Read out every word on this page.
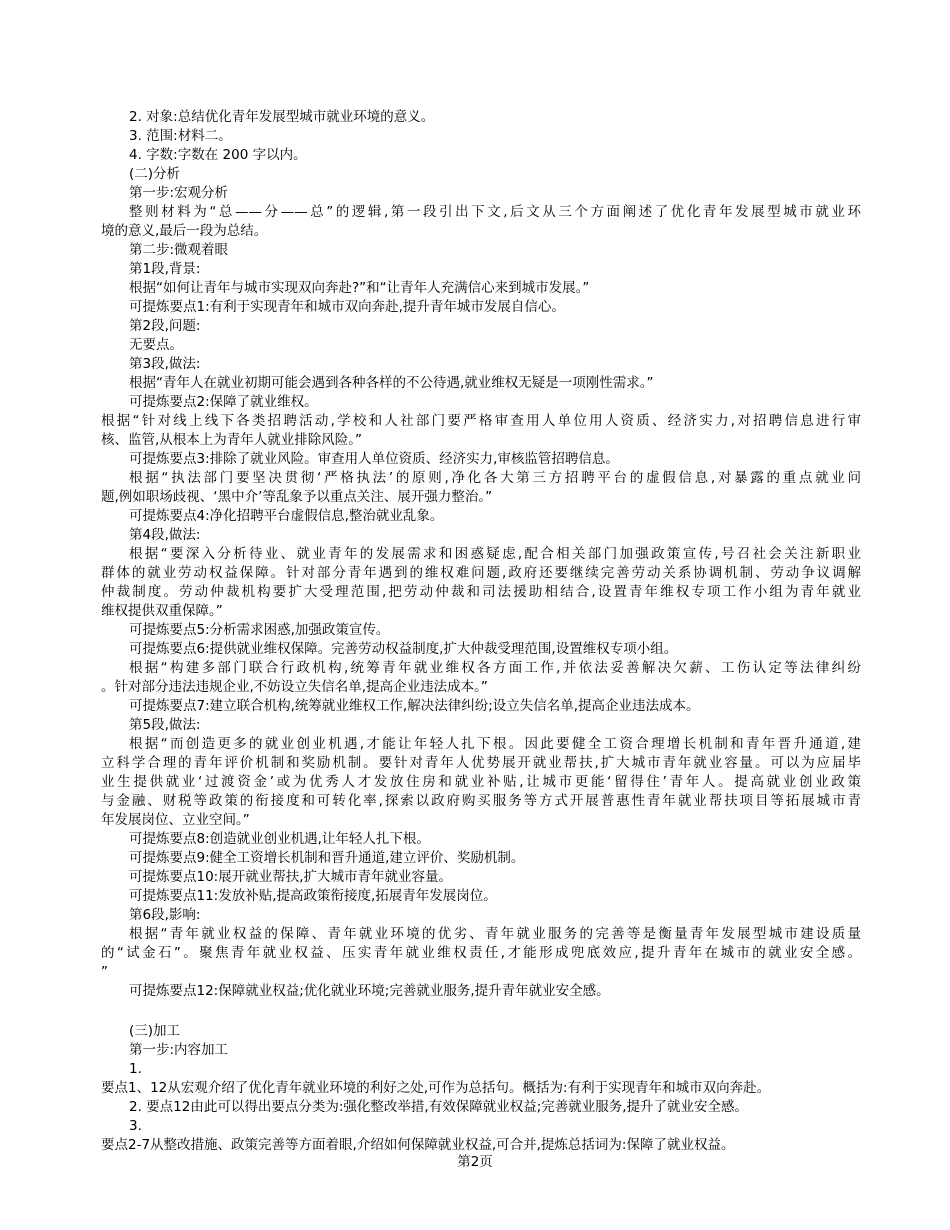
2. 对象:总结优化青年发展型城市就业环境的意义。
3. 范围:材料二。
4. 字数:字数在 200 字以内。
(二)分析
第一步:宏观分析
整则材料为“总——分——总”的逻辑,第一段引出下文,后文从三个方面阐述了优化青年发展型城市就业环
境的意义,最后一段为总结。
第二步:微观着眼
第1段,背景:
根据“如何让青年与城市实现双向奔赴?”和“让青年人充满信心来到城市发展。”
可提炼要点1:有利于实现青年和城市双向奔赴,提升青年城市发展自信心。
第2段,问题:
无要点。
第3段,做法:
根据“青年人在就业初期可能会遇到各种各样的不公待遇,就业维权无疑是一项刚性需求。”
可提炼要点2:保障了就业维权。
根据“针对线上线下各类招聘活动,学校和人社部门要严格审查用人单位用人资质、经济实力,对招聘信息进行审
核、监管,从根本上为青年人就业排除风险。”
可提炼要点3:排除了就业风险。审查用人单位资质、经济实力,审核监管招聘信息。
根据“执法部门要坚决贯彻‘严格执法’的原则,净化各大第三方招聘平台的虚假信息,对暴露的重点就业问
题,例如职场歧视、‘黑中介’等乱象予以重点关注、展开强力整治。”
可提炼要点4:净化招聘平台虚假信息,整治就业乱象。
第4段,做法:
根据“要深入分析待业、就业青年的发展需求和困惑疑虑,配合相关部门加强政策宣传,号召社会关注新职业
群体的就业劳动权益保障。针对部分青年遇到的维权难问题,政府还要继续完善劳动关系协调机制、劳动争议调解
仲裁制度。劳动仲裁机构要扩大受理范围,把劳动仲裁和司法援助相结合,设置青年维权专项工作小组为青年就业
维权提供双重保障。”
可提炼要点5:分析需求困惑,加强政策宣传。
可提炼要点6:提供就业维权保障。完善劳动权益制度,扩大仲裁受理范围,设置维权专项小组。
根据“构建多部门联合行政机构,统筹青年就业维权各方面工作,并依法妥善解决欠薪、工伤认定等法律纠纷
。针对部分违法违规企业,不妨设立失信名单,提高企业违法成本。”
可提炼要点7:建立联合机构,统筹就业维权工作,解决法律纠纷;设立失信名单,提高企业违法成本。
第5段,做法:
根据“而创造更多的就业创业机遇,才能让年轻人扎下根。因此要健全工资合理增长机制和青年晋升通道,建
立科学合理的青年评价机制和奖励机制。要针对青年人优势展开就业帮扶,扩大城市青年就业容量。可以为应届毕
业生提供就业‘过渡资金’或为优秀人才发放住房和就业补贴,让城市更能‘留得住’青年人。提高就业创业政策
与金融、财税等政策的衔接度和可转化率,探索以政府购买服务等方式开展普惠性青年就业帮扶项目等拓展城市青
年发展岗位、立业空间。”
可提炼要点8:创造就业创业机遇,让年轻人扎下根。
可提炼要点9:健全工资增长机制和晋升通道,建立评价、奖励机制。
可提炼要点10:展开就业帮扶,扩大城市青年就业容量。
可提炼要点11:发放补贴,提高政策衔接度,拓展青年发展岗位。
第6段,影响:
根据“青年就业权益的保障、青年就业环境的优劣、青年就业服务的完善等是衡量青年发展型城市建设质量
的“试金石”。聚焦青年就业权益、压实青年就业维权责任,才能形成兜底效应,提升青年在城市的就业安全感。
”
可提炼要点12:保障就业权益;优化就业环境;完善就业服务,提升青年就业安全感。
(三)加工
第一步:内容加工
1.
要点1、12从宏观介绍了优化青年就业环境的利好之处,可作为总括句。概括为:有利于实现青年和城市双向奔赴。
2. 要点12由此可以得出要点分类为:强化整改举措,有效保障就业权益;完善就业服务,提升了就业安全感。
3.
要点2-7从整改措施、政策完善等方面着眼,介绍如何保障就业权益,可合并,提炼总括词为:保障了就业权益。
第2页
